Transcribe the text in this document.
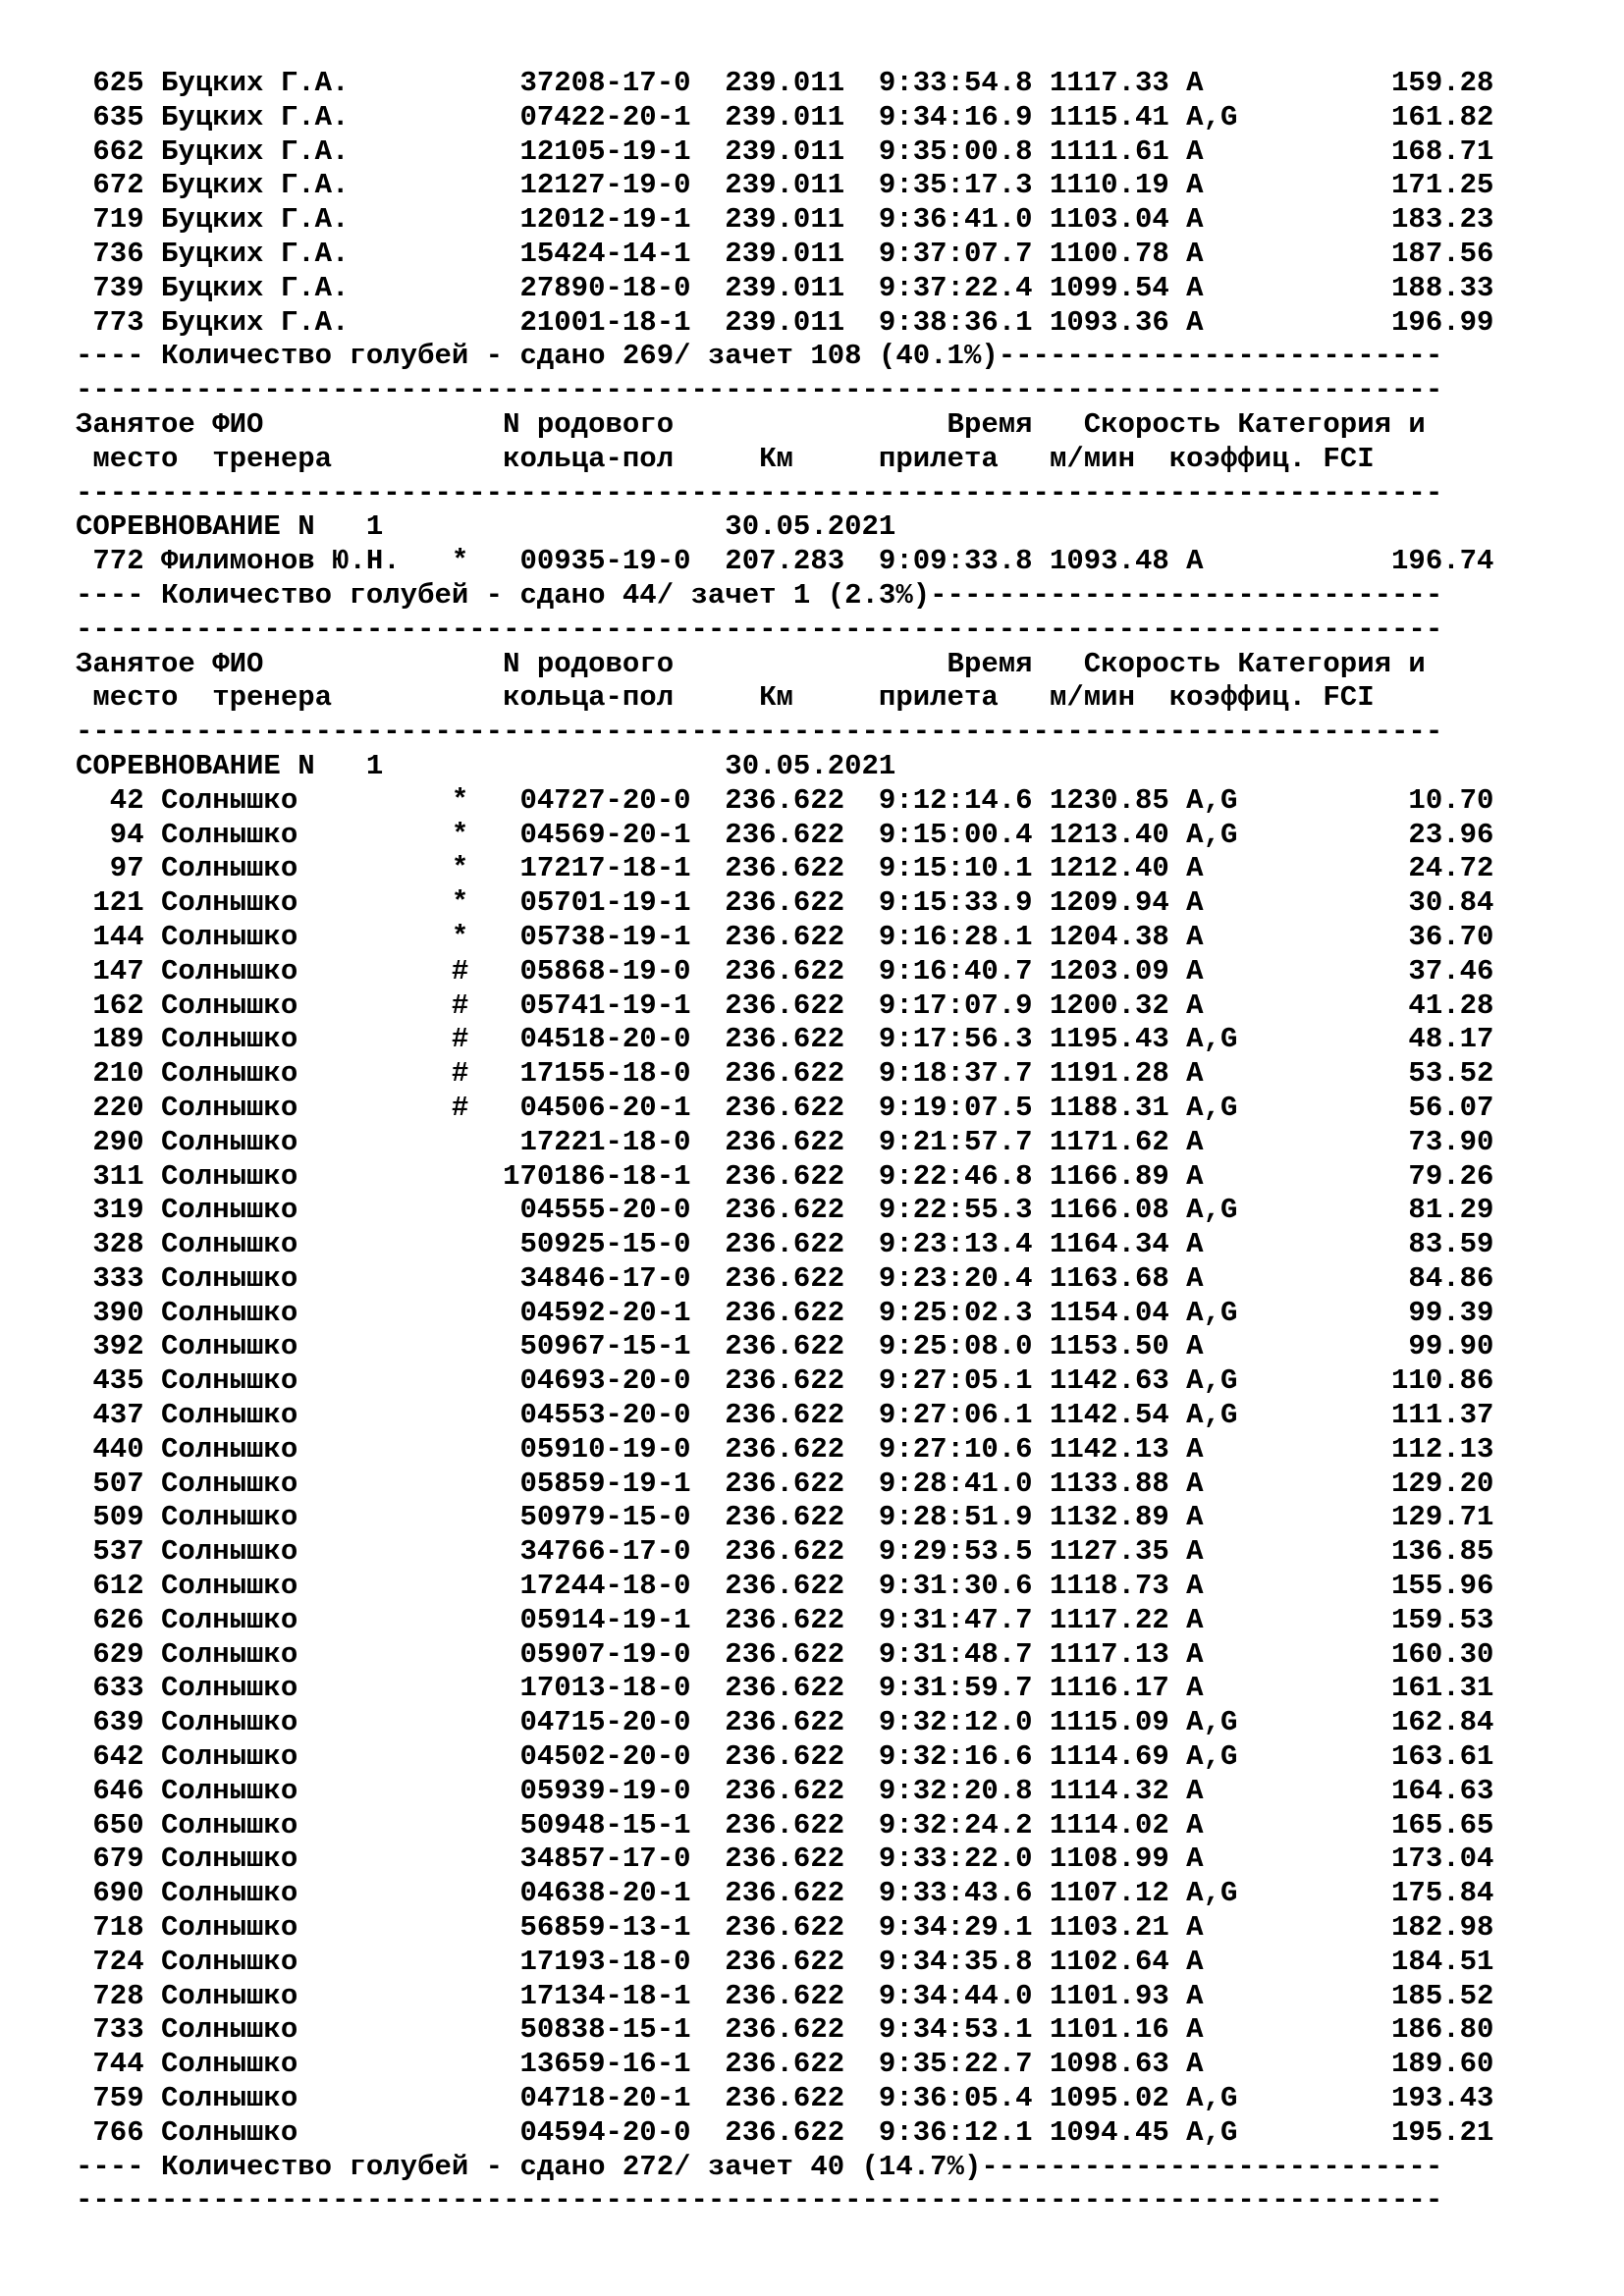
625 Буцких Г.А.          37208-17-0  239.011  9:33:54.8 1117.33 A           159.28
635 Буцких Г.А.          07422-20-1  239.011  9:34:16.9 1115.41 A,G         161.82
662 Буцких Г.А.          12105-19-1  239.011  9:35:00.8 1111.61 A           168.71
672 Буцких Г.А.          12127-19-0  239.011  9:35:17.3 1110.19 A           171.25
719 Буцких Г.А.          12012-19-1  239.011  9:36:41.0 1103.04 A           183.23
736 Буцких Г.А.          15424-14-1  239.011  9:37:07.7 1100.78 A           187.56
739 Буцких Г.А.          27890-18-0  239.011  9:37:22.4 1099.54 A           188.33
773 Буцких Г.А.          21001-18-1  239.011  9:38:36.1 1093.36 A           196.99
---- Количество голубей - сдано 269/ зачет 108 (40.1%)--------------------------
--------------------------------------------------------------------------------
Занятое ФИО              N родового                Время   Скорость Категория и
место  тренера          кольца-пол     Км     прилета   м/мин  коэффиц. FCI
--------------------------------------------------------------------------------
СОРЕВНОВАНИЕ N   1                    30.05.2021
772 Филимонов Ю.Н.   *   00935-19-0  207.283  9:09:33.8 1093.48 A           196.74
---- Количество голубей - сдано 44/ зачет 1 (2.3%)------------------------------
--------------------------------------------------------------------------------
Занятое ФИО              N родового                Время   Скорость Категория и
место  тренера          кольца-пол     Км     прилета   м/мин  коэффиц. FCI
--------------------------------------------------------------------------------
СОРЕВНОВАНИЕ N   1                    30.05.2021
42 Солнышко         *   04727-20-0  236.622  9:12:14.6 1230.85 A,G          10.70
94 Солнышко         *   04569-20-1  236.622  9:15:00.4 1213.40 A,G          23.96
97 Солнышко         *   17217-18-1  236.622  9:15:10.1 1212.40 A            24.72
121 Солнышко         *   05701-19-1  236.622  9:15:33.9 1209.94 A            30.84
144 Солнышко         *   05738-19-1  236.622  9:16:28.1 1204.38 A            36.70
147 Солнышко         #   05868-19-0  236.622  9:16:40.7 1203.09 A            37.46
162 Солнышко         #   05741-19-1  236.622  9:17:07.9 1200.32 A            41.28
189 Солнышко         #   04518-20-0  236.622  9:17:56.3 1195.43 A,G          48.17
210 Солнышко         #   17155-18-0  236.622  9:18:37.7 1191.28 A            53.52
220 Солнышко         #   04506-20-1  236.622  9:19:07.5 1188.31 A,G          56.07
290 Солнышко             17221-18-0  236.622  9:21:57.7 1171.62 A            73.90
311 Солнышко            170186-18-1  236.622  9:22:46.8 1166.89 A            79.26
319 Солнышко             04555-20-0  236.622  9:22:55.3 1166.08 A,G          81.29
328 Солнышко             50925-15-0  236.622  9:23:13.4 1164.34 A            83.59
333 Солнышко             34846-17-0  236.622  9:23:20.4 1163.68 A            84.86
390 Солнышко             04592-20-1  236.622  9:25:02.3 1154.04 A,G          99.39
392 Солнышко             50967-15-1  236.622  9:25:08.0 1153.50 A            99.90
435 Солнышко             04693-20-0  236.622  9:27:05.1 1142.63 A,G         110.86
437 Солнышко             04553-20-0  236.622  9:27:06.1 1142.54 A,G         111.37
440 Солнышко             05910-19-0  236.622  9:27:10.6 1142.13 A           112.13
507 Солнышко             05859-19-1  236.622  9:28:41.0 1133.88 A           129.20
509 Солнышко             50979-15-0  236.622  9:28:51.9 1132.89 A           129.71
537 Солнышко             34766-17-0  236.622  9:29:53.5 1127.35 A           136.85
612 Солнышко             17244-18-0  236.622  9:31:30.6 1118.73 A           155.96
626 Солнышко             05914-19-1  236.622  9:31:47.7 1117.22 A           159.53
629 Солнышко             05907-19-0  236.622  9:31:48.7 1117.13 A           160.30
633 Солнышко             17013-18-0  236.622  9:31:59.7 1116.17 A           161.31
639 Солнышко             04715-20-0  236.622  9:32:12.0 1115.09 A,G         162.84
642 Солнышко             04502-20-0  236.622  9:32:16.6 1114.69 A,G         163.61
646 Солнышко             05939-19-0  236.622  9:32:20.8 1114.32 A           164.63
650 Солнышко             50948-15-1  236.622  9:32:24.2 1114.02 A           165.65
679 Солнышко             34857-17-0  236.622  9:33:22.0 1108.99 A           173.04
690 Солнышко             04638-20-1  236.622  9:33:43.6 1107.12 A,G         175.84
718 Солнышко             56859-13-1  236.622  9:34:29.1 1103.21 A           182.98
724 Солнышко             17193-18-0  236.622  9:34:35.8 1102.64 A           184.51
728 Солнышко             17134-18-1  236.622  9:34:44.0 1101.93 A           185.52
733 Солнышко             50838-15-1  236.622  9:34:53.1 1101.16 A           186.80
744 Солнышко             13659-16-1  236.622  9:35:22.7 1098.63 A           189.60
759 Солнышко             04718-20-1  236.622  9:36:05.4 1095.02 A,G         193.43
766 Солнышко             04594-20-0  236.622  9:36:12.1 1094.45 A,G         195.21
---- Количество голубей - сдано 272/ зачет 40 (14.7%)---------------------------
--------------------------------------------------------------------------------
